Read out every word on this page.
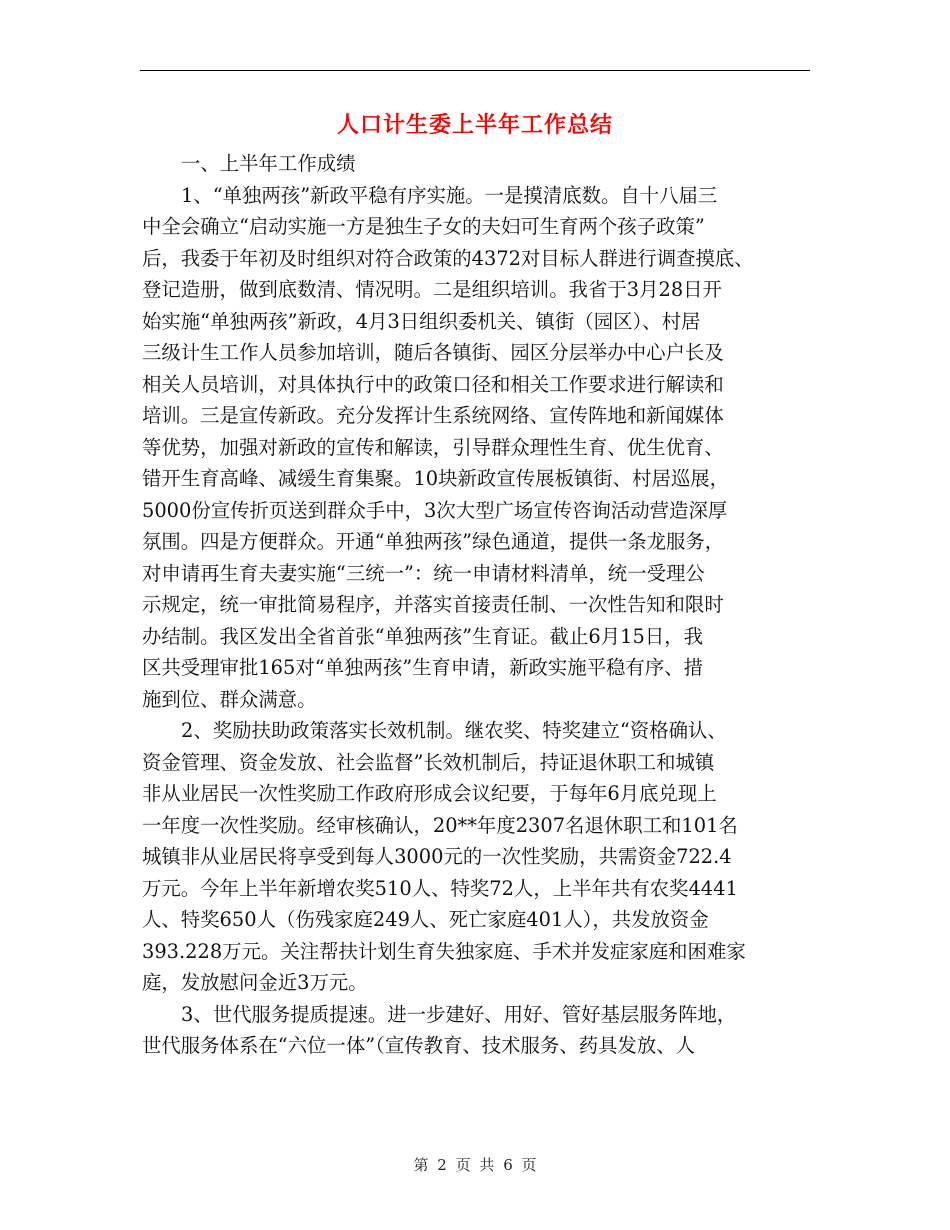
人口计生委上半年工作总结
一、上半年工作成绩
1、“单独两孩”新政平稳有序实施。一是摸清底数。自十八届三
中全会确立“启动实施一方是独生子女的夫妇可生育两个孩子政策”
后，我委于年初及时组织对符合政策的4372对目标人群进行调查摸底、
登记造册，做到底数清、情况明。二是组织培训。我省于3月28日开
始实施“单独两孩”新政，4月3日组织委机关、镇街（园区）、村居
三级计生工作人员参加培训，随后各镇街、园区分层举办中心户长及
相关人员培训，对具体执行中的政策口径和相关工作要求进行解读和
培训。三是宣传新政。充分发挥计生系统网络、宣传阵地和新闻媒体
等优势，加强对新政的宣传和解读，引导群众理性生育、优生优育、
错开生育高峰、减缓生育集聚。10块新政宣传展板镇街、村居巡展，
5000份宣传折页送到群众手中，3次大型广场宣传咨询活动营造深厚
氛围。四是方便群众。开通“单独两孩”绿色通道，提供一条龙服务，
对申请再生育夫妻实施“三统一”：统一申请材料清单，统一受理公
示规定，统一审批简易程序，并落实首接责任制、一次性告知和限时
办结制。我区发出全省首张“单独两孩”生育证。截止6月15日，我
区共受理审批165对“单独两孩”生育申请，新政实施平稳有序、措
施到位、群众满意。
2、奖励扶助政策落实长效机制。继农奖、特奖建立“资格确认、
资金管理、资金发放、社会监督”长效机制后，持证退休职工和城镇
非从业居民一次性奖励工作政府形成会议纪要，于每年6月底兑现上
一年度一次性奖励。经审核确认，20**年度2307名退休职工和101名
城镇非从业居民将享受到每人3000元的一次性奖励，共需资金722.4
万元。今年上半年新增农奖510人、特奖72人，上半年共有农奖4441
人、特奖650人（伤残家庭249人、死亡家庭401人），共发放资金
393.228万元。关注帮扶计划生育失独家庭、手术并发症家庭和困难家
庭，发放慰问金近3万元。
3、世代服务提质提速。进一步建好、用好、管好基层服务阵地，
世代服务体系在“六位一体”（宣传教育、技术服务、药具发放、人
第 2 页 共 6 页
